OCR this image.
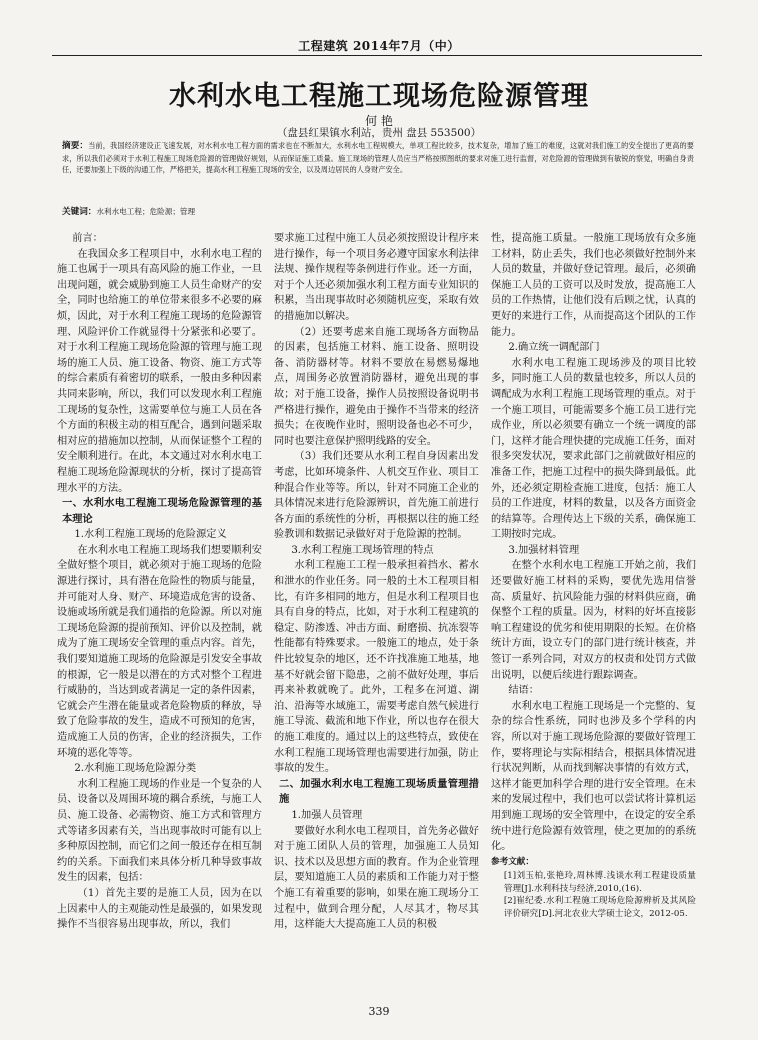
工程建筑 2014年7月（中）
水利水电工程施工现场危险源管理
何 艳
（盘县红果镇水利站，贵州 盘县 553500）
摘要：当前，我国经济建设正飞速发展，对水利水电工程方面的需求也在不断加大，水利水电工程规模大，单项工程比较多，技术复杂，增加了施工的难度，这就对我们施工的安全提出了更高的要求，所以我们必须对于水利工程施工现场危险源的管理做好规划，从而保证施工质量。施工现场的管理人员应当严格按照图纸的要求对施工进行监督，对危险源的管理做到有敏锐的察觉，明确自身责任，还要加强上下级的沟通工作，严格把关，提高水利工程施工现场的安全，以及周边居民的人身财产安全。
关键词：水利水电工程；危险源；管理

前言：

在我国众多工程项目中，水利水电工程的施工也属于一项具有高风险的施工作业，一旦出现问题，就会威胁到施工人员生命财产的安全，同时也给施工的单位带来很多不必要的麻烦，因此，对于水利工程施工现场的危险源管理、风险评价工作就显得十分紧张和必要了。对于水利工程施工现场危险源的管理与施工现场的施工人员、施工设备、物资、施工方式等的综合素质有着密切的联系，一般由多种因素共同来影响，所以，我们可以发现水利工程施工现场的复杂性，这需要单位与施工人员在各个方面的积极主动的相互配合，遇到问题采取相对应的措施加以控制，从而保证整个工程的安全顺利进行。在此，本文通过对水利水电工程施工现场危险源现状的分析，探讨了提高管理水平的方法。

一、水利水电工程施工现场危险源管理的基本理论

1.水利工程施工现场的危险源定义

在水利水电工程施工现场我们想要顺利安全做好整个项目，就必须对于施工现场的危险源进行探讨，具有潜在危险性的物质与能量，并可能对人身、财产、环境造成危害的设备、设施或场所就是我们通指的危险源。所以对施工现场危险源的提前预知、评价以及控制，就成为了施工现场安全管理的重点内容。首先，我们要知道施工现场的危险源是引发安全事故的根源，它一般是以潜在的方式对整个工程进行威胁的，当达到或者满足一定的条件因素，它就会产生潜在能量或者危险物质的释放，导致了危险事故的发生，造成不可预知的危害，造成施工人员的伤害，企业的经济损失，工作环境的恶化等等。

2.水利施工现场危险源分类

水利工程施工现场的作业是一个复杂的人员、设备以及周围环境的耦合系统，与施工人员、施工设备、必需物资、施工方式和管理方式等诸多因素有关，当出现事故时可能有以上多种原因控制，而它们之间一般还存在相互制约的关系。下面我们来具体分析几种导致事故发生的因素，包括：

（1）首先主要的是施工人员，因为在以上因素中人的主观能动性是最强的，如果发现操作不当很容易出现事故，所以，我们

要求施工过程中施工人员必须按照设计程序来进行操作，每一个项目务必遵守国家水利法律法规、操作规程等条例进行作业。还一方面，对于个人还必须加强水利工程方面专业知识的积累，当出现事故时必须随机应变，采取有效的措施加以解决。

（2）还要考虑来自施工现场各方面物品的因素，包括施工材料、施工设备、照明设备、消防器材等。材料不要放在易燃易爆地点，周围务必放置消防器材，避免出现的事故；对于施工设备，操作人员按照设备说明书严格进行操作，避免由于操作不当带来的经济损失；在夜晚作业时，照明设备也必不可少，同时也要注意保护照明线路的安全。

（3）我们还要从水利工程自身因素出发考虑，比如环境条件、人机交互作业、项目工种混合作业等等。所以，针对不同施工企业的具体情况来进行危险源辨识，首先施工前进行各方面的系统性的分析，再根据以往的施工经验教训和数据记录做好对于危险源的控制。

3.水利工程施工现场管理的特点

水利工程施工工程一般承担着挡水、蓄水和泄水的作业任务。同一般的土木工程项目相比，有许多相同的地方，但是水利工程项目也具有自身的特点，比如，对于水利工程建筑的稳定、防渗透、冲击方面、耐磨损、抗冻裂等性能都有特殊要求。一般施工的地点，处于条件比较复杂的地区，还不许找准施工地基，地基不好就会留下隐患，之前不做好处理，事后再来补救就晚了。此外，工程多在河道、湖泊、沿海等水域施工，需要考虑自然气候进行施工导流、截流和地下作业，所以也存在很大的施工难度的。通过以上的这些特点，致使在水利工程施工现场管理也需要进行加强，防止事故的发生。

二、加强水利水电工程施工现场质量管理措施

1.加强人员管理

要做好水利水电工程项目，首先务必做好对于施工团队人员的管理，加强施工人员知识、技术以及思想方面的教育。作为企业管理层，要知道施工人员的素质和工作能力对于整个施工有着重要的影响，如果在施工现场分工过程中，做到合理分配，人尽其才，物尽其用，这样能大大提高施工人员的积极

性，提高施工质量。一般施工现场放有众多施工材料，防止丢失，我们也必须做好控制外来人员的数量，并做好登记管理。最后，必须确保施工人员的工资可以及时发放，提高施工人员的工作热情，让他们没有后顾之忧，认真的更好的来进行工作，从而提高这个团队的工作能力。

2.确立统一调配部门

水利水电工程施工现场涉及的项目比较多，同时施工人员的数量也较多，所以人员的调配成为水利工程施工现场管理的重点。对于一个施工项目，可能需要多个施工员工进行完成作业，所以必须要有确立一个统一调度的部门，这样才能合理快捷的完成施工任务，面对很多突发状况，要求此部门之前就做好相应的准备工作，把施工过程中的损失降到最低。此外，还必须定期检查施工进度，包括：施工人员的工作进度，材料的数量，以及各方面资金的结算等。合理传达上下级的关系，确保施工工期按时完成。

3.加强材料管理

在整个水利水电工程施工开始之前，我们还要做好施工材料的采购，要优先选用信誉高、质量好、抗风险能力强的材料供应商，确保整个工程的质量。因为，材料的好坏直接影响工程建设的优劣和使用期限的长短。在价格统计方面，设立专门的部门进行统计核查，并签订一系列合同，对双方的权责和处罚方式做出说明，以便后续进行跟踪调查。

结语：

水利水电工程施工现场是一个完整的、复杂的综合性系统，同时也涉及多个学科的内容，所以对于施工现场危险源的要做好管理工作，要将理论与实际相结合，根据具体情况进行状况判断，从而找到解决事情的有效方式，这样才能更加科学合理的进行安全管理。在未来的发展过程中，我们也可以尝试将计算机运用到施工现场的安全管理中，在设定的安全系统中进行危险源有效管理，使之更加的的系统化。

参考文献：

[1]刘玉柏,张艳玲,周林博.浅谈水利工程建设质量管理[J].水利科技与经济,2010,(16).

[2]崔纪委.水利工程施工现场危险源辨析及其风险评价研究[D].河北农业大学硕士论文，2012-05.

339
